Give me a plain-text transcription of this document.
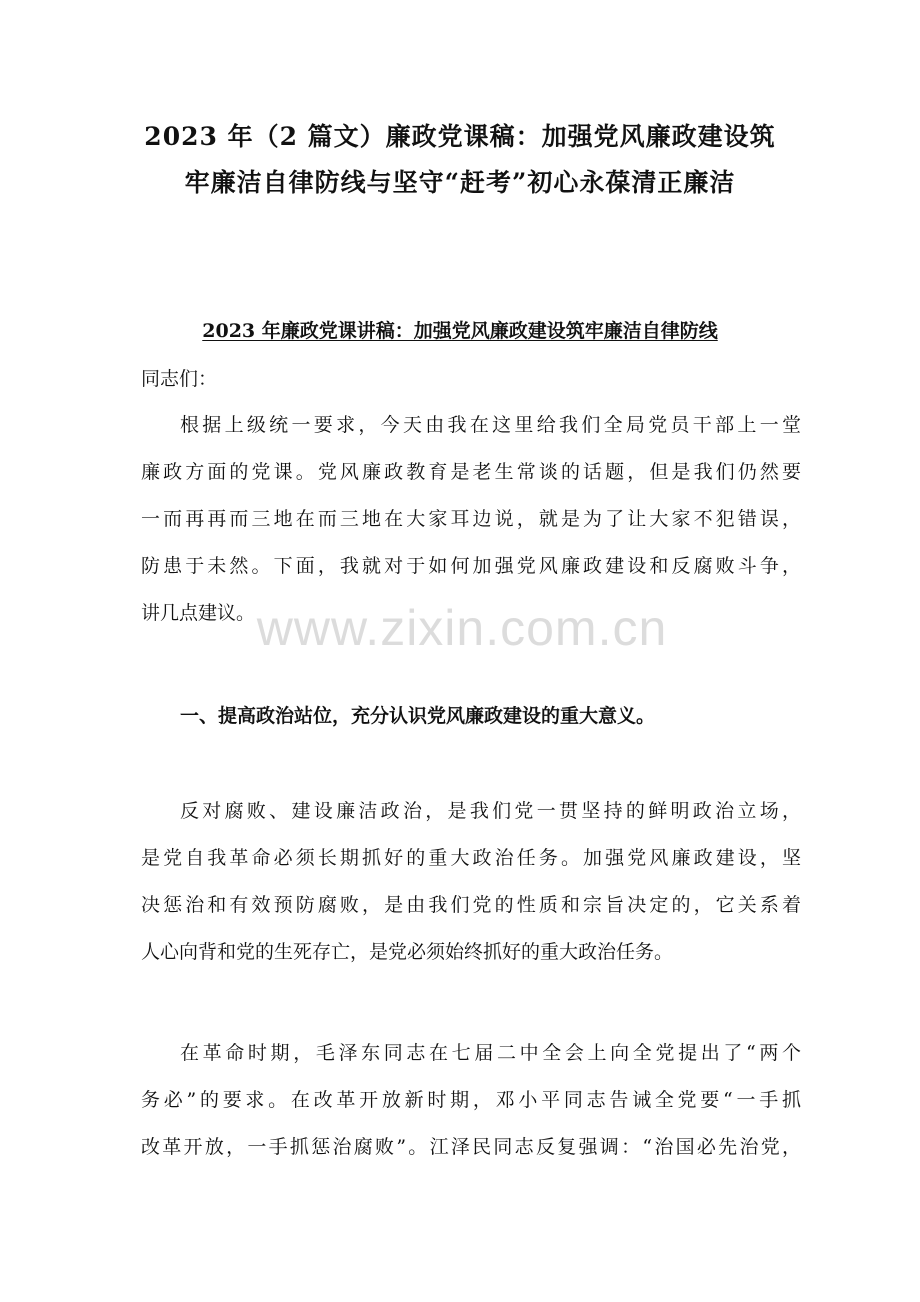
2023 年（2 篇文）廉政党课稿：加强党风廉政建设筑
牢廉洁自律防线与坚守“赶考”初心永葆清正廉洁
2023 年廉政党课讲稿：加强党风廉政建设筑牢廉洁自律防线
同志们：
根据上级统一要求，今天由我在这里给我们全局党员干部上一堂
廉政方面的党课。党风廉政教育是老生常谈的话题，但是我们仍然要
一而再再而三地在而三地在大家耳边说，就是为了让大家不犯错误，
防患于未然。下面，我就对于如何加强党风廉政建设和反腐败斗争，
讲几点建议。
一、提高政治站位，充分认识党风廉政建设的重大意义。
反对腐败、建设廉洁政治，是我们党一贯坚持的鲜明政治立场，
是党自我革命必须长期抓好的重大政治任务。加强党风廉政建设，坚
决惩治和有效预防腐败，是由我们党的性质和宗旨决定的，它关系着
人心向背和党的生死存亡，是党必须始终抓好的重大政治任务。
在革命时期，毛泽东同志在七届二中全会上向全党提出了“两个
务必”的要求。在改革开放新时期，邓小平同志告诫全党要“一手抓
改革开放，一手抓惩治腐败”。江泽民同志反复强调：“治国必先治党，
www.zixin.com.cn
